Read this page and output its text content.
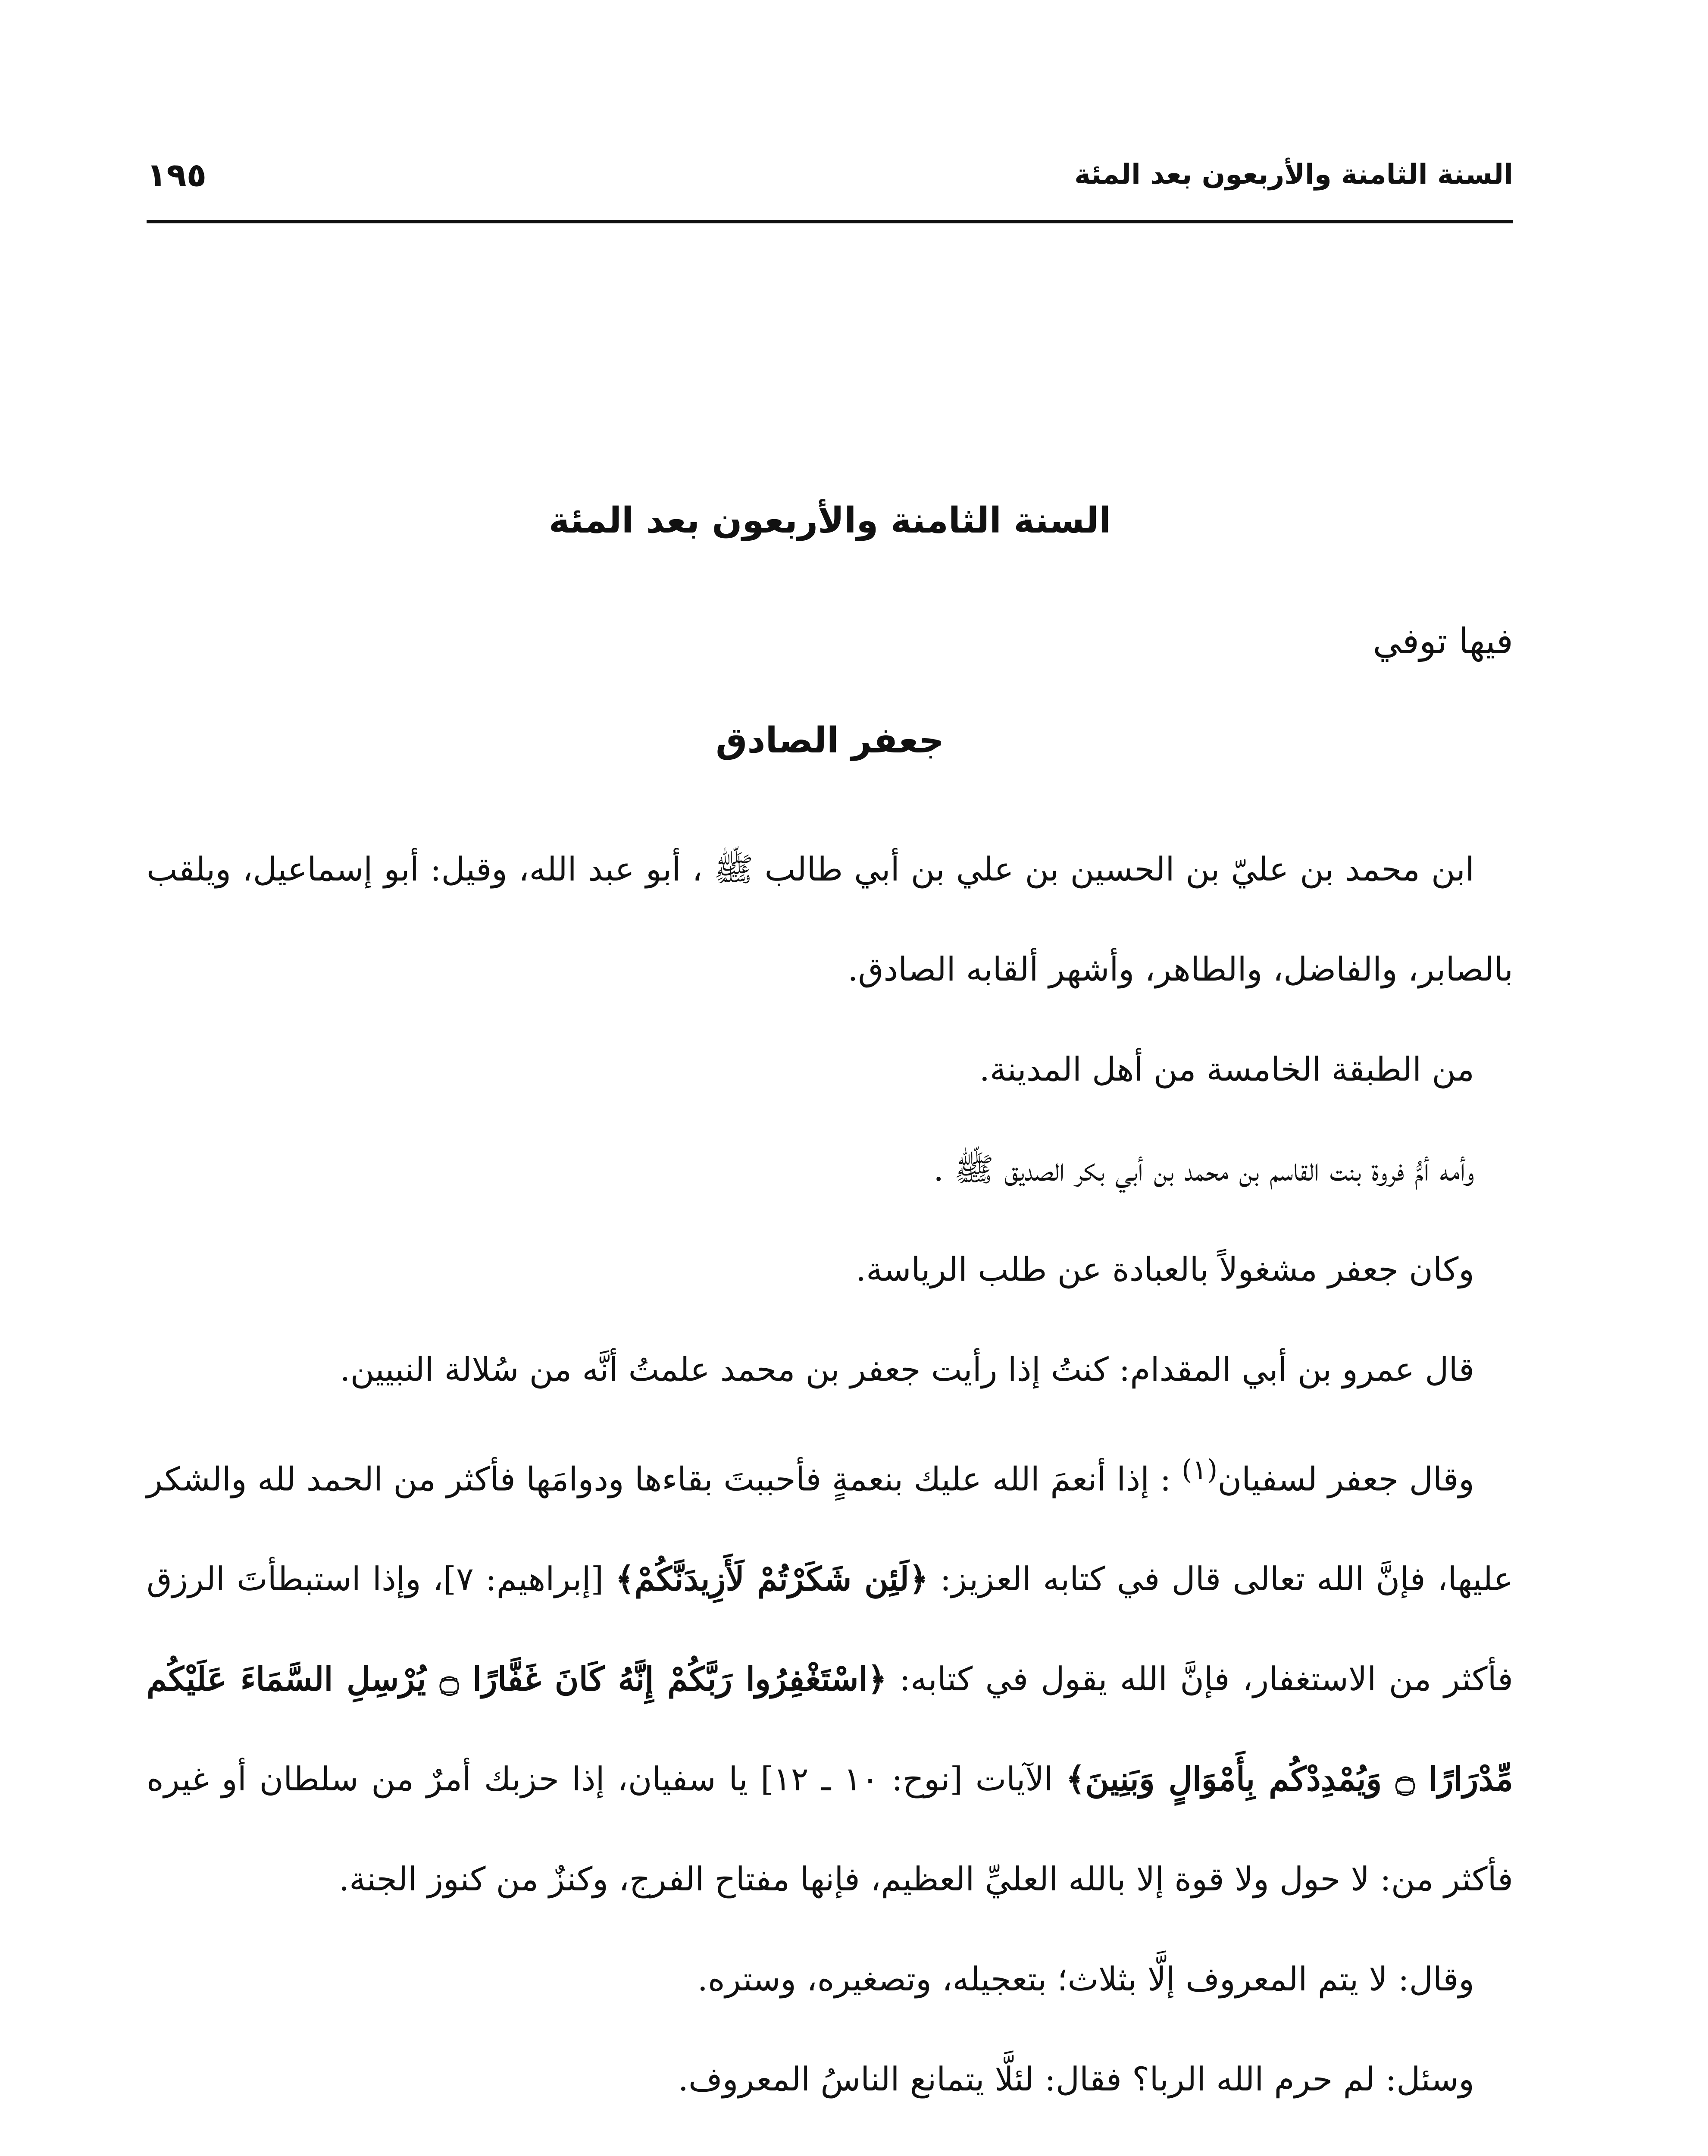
السنة الثامنة والأربعون بعد المئة
١٩٥
السنة الثامنة والأربعون بعد المئة
فيها توفي
جعفر الصادق

ابن محمد بن عليّ بن الحسين بن علي بن أبي طالب ﷺ ، أبو عبد الله، وقيل: أبو إسماعيل، ويلقب بالصابر، والفاضل، والطاهر، وأشهر ألقابه الصادق.

من الطبقة الخامسة من أهل المدينة.

وأمه أمُّ فروة بنت القاسم بن محمد بن أبي بكر الصديق ﷺ .

وكان جعفر مشغولاً بالعبادة عن طلب الرياسة.

قال عمرو بن أبي المقدام: كنتُ إذا رأيت جعفر بن محمد علمتُ أنَّه من سُلالة النبيين.

وقال جعفر لسفيان$^{(١)}$ : إذا أنعمَ الله عليك بنعمةٍ فأحببتَ بقاءها ودوامَها فأكثر من الحمد لله والشكر عليها، فإنَّ الله تعالى قال في كتابه العزيز: ﴿لَئِن شَكَرْتُمْ لَأَزِيدَنَّكُمْ﴾ [إبراهيم: ٧]، وإذا استبطأتَ الرزق فأكثر من الاستغفار، فإنَّ الله يقول في كتابه: ﴿اسْتَغْفِرُوا رَبَّكُمْ إِنَّهُ كَانَ غَفَّارًا ۝ يُرْسِلِ السَّمَاءَ عَلَيْكُم مِّدْرَارًا ۝ وَيُمْدِدْكُم بِأَمْوَالٍ وَبَنِينَ﴾ الآيات [نوح: ١٠ ـ ١٢] يا سفيان، إذا حزبك أمرٌ من سلطان أو غيره فأكثر من: لا حول ولا قوة إلا بالله العليِّ العظيم، فإنها مفتاح الفرج، وكنزٌ من كنوز الجنة.

وقال: لا يتم المعروف إلَّا بثلاث؛ بتعجيله، وتصغيره، وستره.

وسئل: لم حرم الله الربا؟ فقال: لئلَّا يتمانع الناسُ المعروف.
